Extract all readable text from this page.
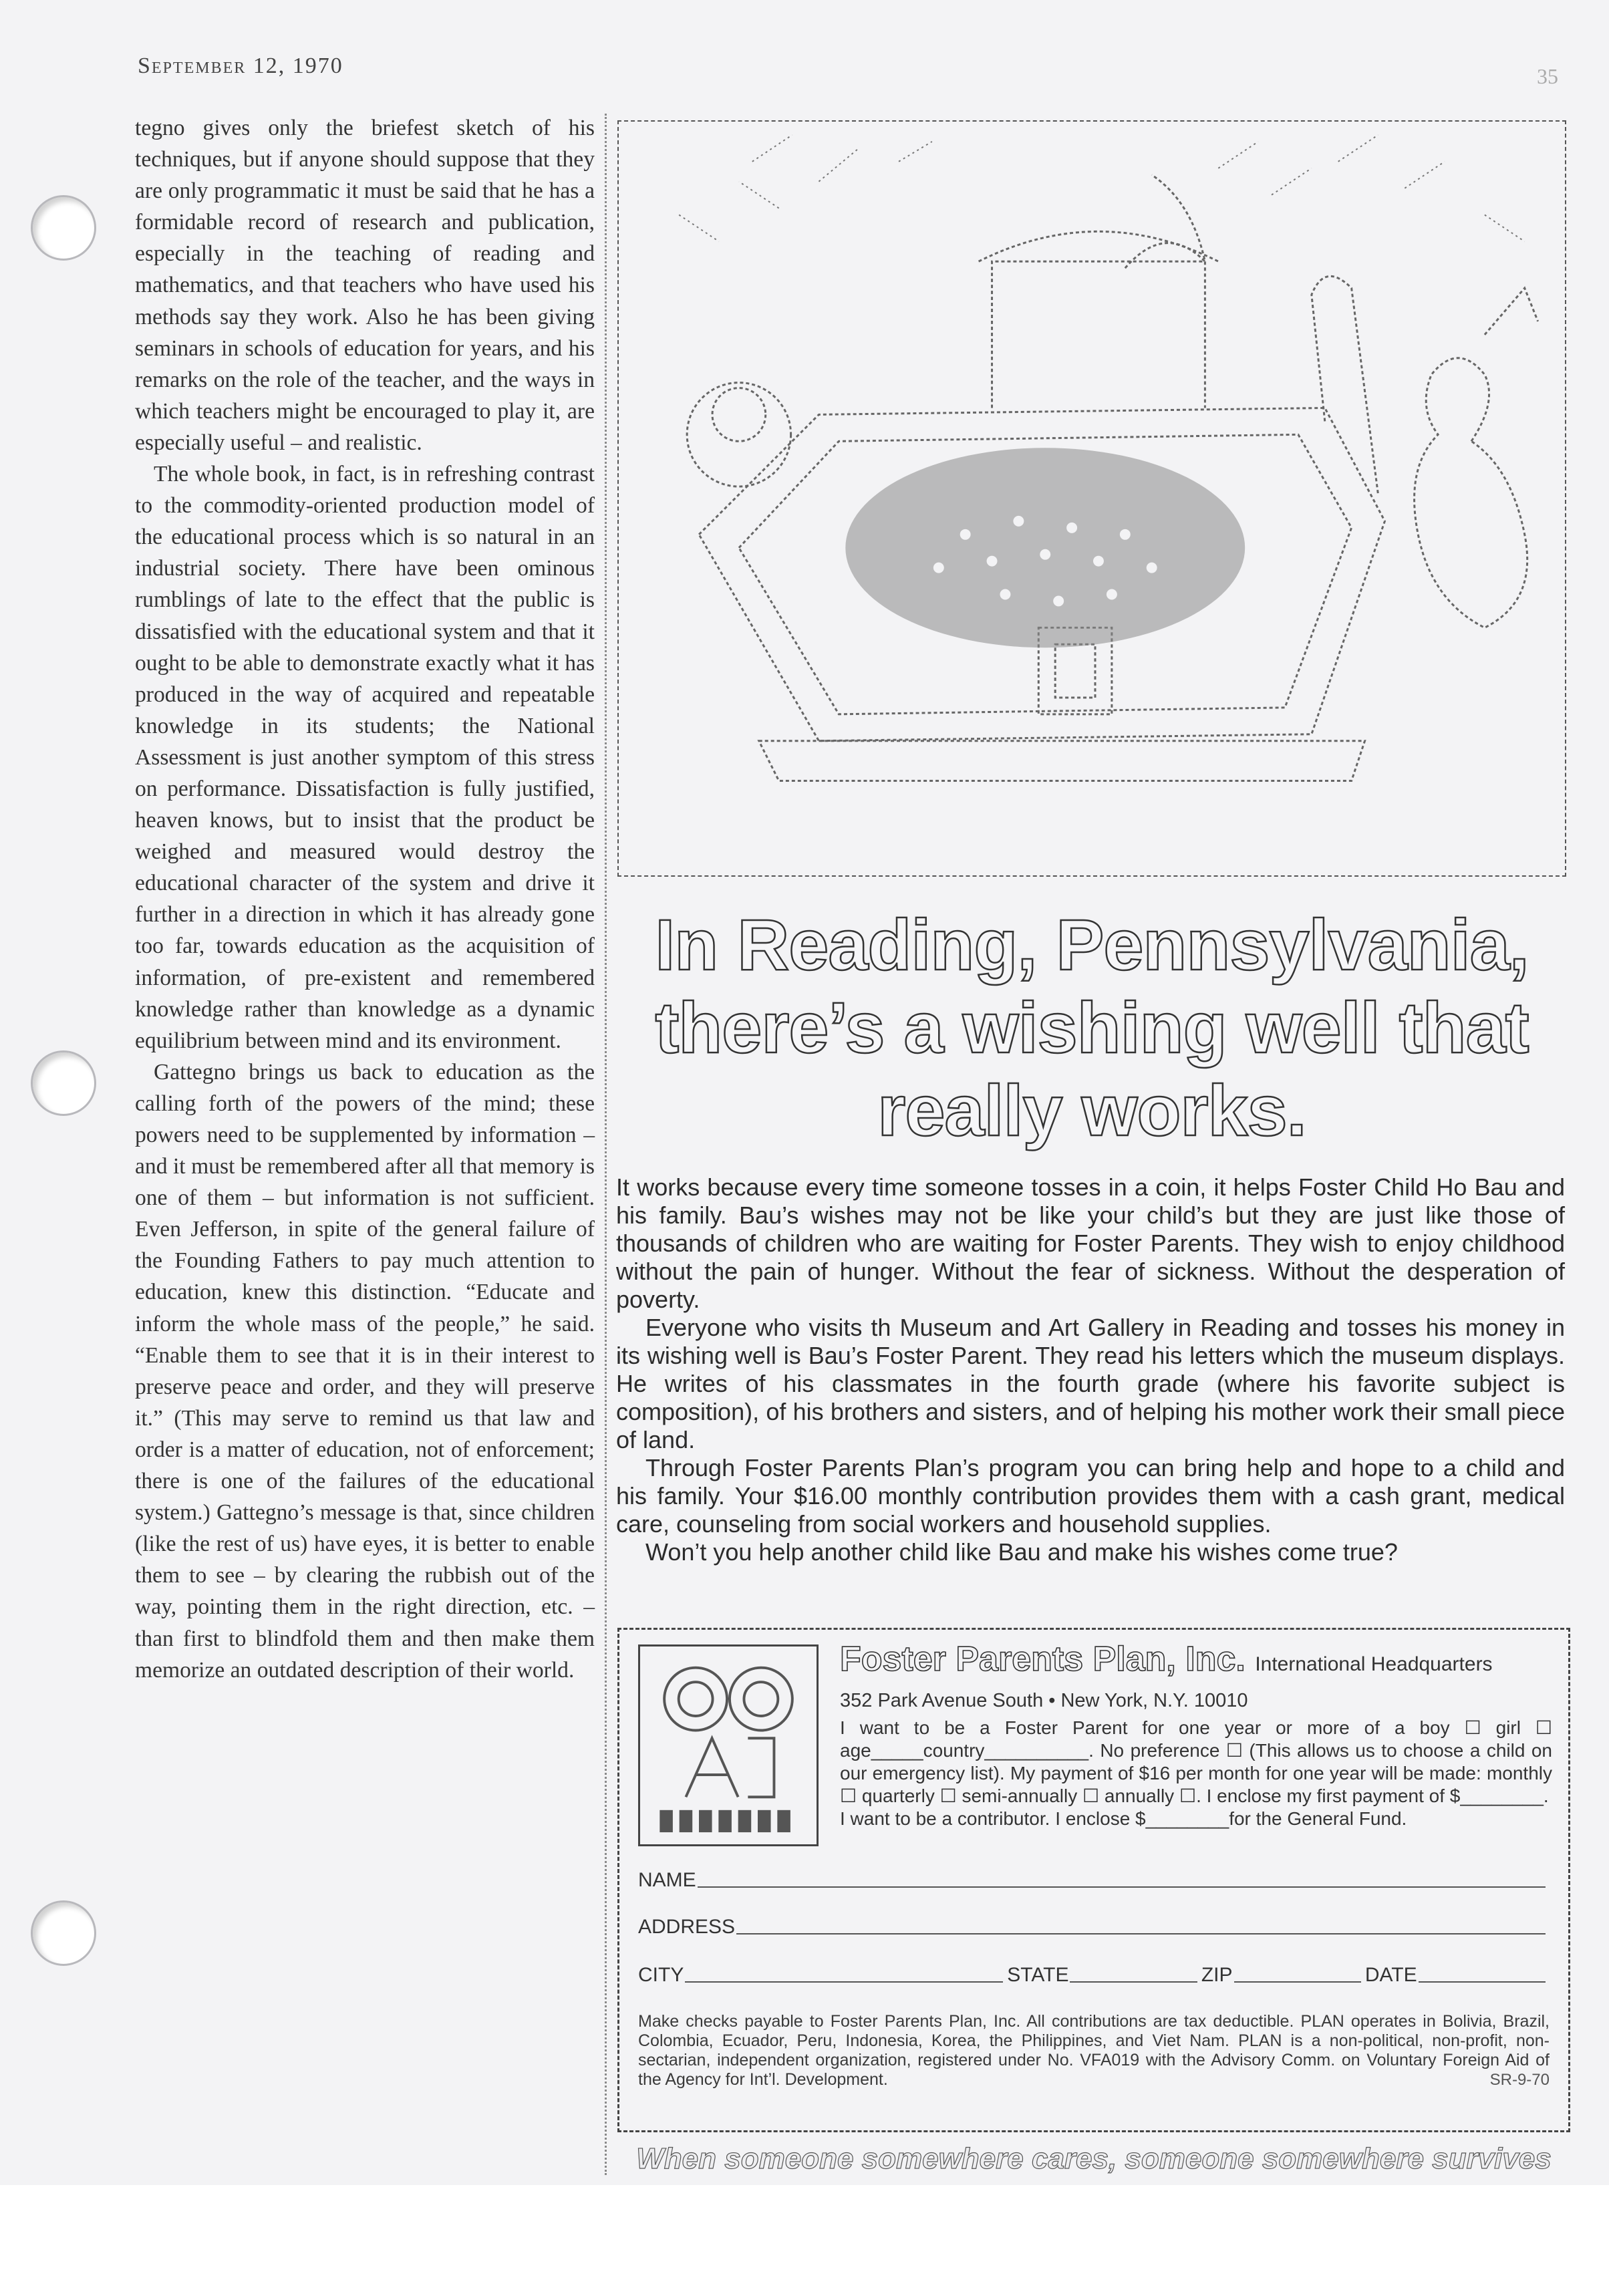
September 12, 1970	35

tegno gives only the briefest sketch of his techniques, but if anyone should suppose that they are only programmatic it must be said that he has a formidable record of research and publication, especially in the teaching of reading and mathematics, and that teachers who have used his methods say they work. Also he has been giving seminars in schools of education for years, and his remarks on the role of the teacher, and the ways in which teachers might be encouraged to play it, are especially useful – and realistic.

The whole book, in fact, is in refreshing contrast to the commodity-oriented production model of the educational process which is so natural in an industrial society. There have been ominous rumblings of late to the effect that the public is dissatisfied with the educational system and that it ought to be able to demonstrate exactly what it has produced in the way of acquired and repeatable knowledge in its students; the National Assessment is just another symptom of this stress on performance. Dissatisfaction is fully justified, heaven knows, but to insist that the product be weighed and measured would destroy the educational character of the system and drive it further in a direction in which it has already gone too far, towards education as the acquisition of information, of pre-existent and remembered knowledge rather than knowledge as a dynamic equilibrium between mind and its environment.

Gattegno brings us back to education as the calling forth of the powers of the mind; these powers need to be supplemented by information – and it must be remembered after all that memory is one of them – but information is not sufficient. Even Jefferson, in spite of the general failure of the Founding Fathers to pay much attention to education, knew this distinction. “Educate and inform the whole mass of the people,” he said. “Enable them to see that it is in their interest to preserve peace and order, and they will preserve it.” (This may serve to remind us that law and order is a matter of education, not of enforcement; there is one of the failures of the educational system.) Gattegno’s message is that, since children (like the rest of us) have eyes, it is better to enable them to see – by clearing the rubbish out of the way, pointing them in the right direction, etc. – than first to blindfold them and then make them memorize an outdated description of their world.

In Reading, Pennsylvania,
there’s a wishing well that
really works.

It works because every time someone tosses in a coin, it helps Foster Child Ho Bau and his family. Bau’s wishes may not be like your child’s but they are just like those of thousands of children who are waiting for Foster Parents. They wish to enjoy childhood without the pain of hunger. Without the fear of sickness. Without the desperation of poverty.

Everyone who visits th Museum and Art Gallery in Reading and tosses his money in its wishing well is Bau’s Foster Parent. They read his letters which the museum displays. He writes of his classmates in the fourth grade (where his favorite subject is composition), of his brothers and sisters, and of helping his mother work their small piece of land.

Through Foster Parents Plan’s program you can bring help and hope to a child and his family. Your $16.00 monthly contribution provides them with a cash grant, medical care, counseling from social workers and household supplies.

Won’t you help another child like Bau and make his wishes come true?

Foster Parents Plan, Inc. International Headquarters
352 Park Avenue South • New York, N.Y. 10010

I want to be a Foster Parent for one year or more of a boy ☐ girl ☐ age_____country__________. No preference ☐ (This allows us to choose a child on our emergency list). My payment of $16 per month for one year will be made: monthly ☐ quarterly ☐ semi-annually ☐ annually ☐. I enclose my first payment of $________.

I want to be a contributor. I enclose $________for the General Fund.

NAME
ADDRESS
CITY	STATE	ZIP	DATE
Make checks payable to Foster Parents Plan, Inc. All contributions are tax deductible. PLAN operates in Bolivia, Brazil, Colombia, Ecuador, Peru, Indonesia, Korea, the Philippines, and Viet Nam. PLAN is a non-political, non-profit, non-sectarian, independent organization, registered under No. VFA019 with the Advisory Comm. on Voluntary Foreign Aid of the Agency for Int’l. Development.	SR-9-70
When someone somewhere cares, someone somewhere survives
